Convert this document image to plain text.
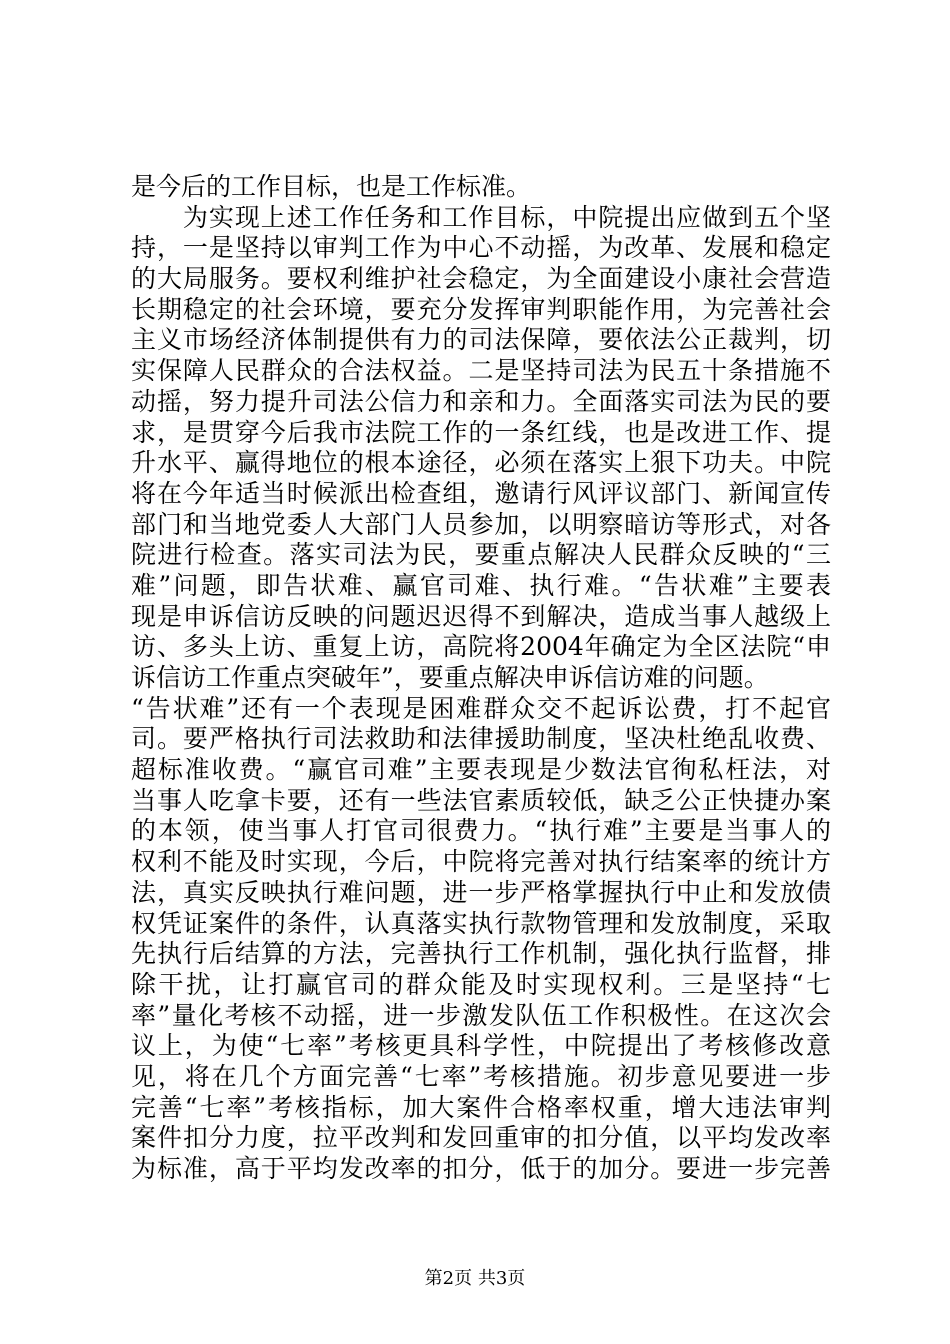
是今后的工作目标，也是工作标准。
　　为实现上述工作任务和工作目标，中院提出应做到五个坚
持，一是坚持以审判工作为中心不动摇，为改革、发展和稳定
的大局服务。要权利维护社会稳定，为全面建设小康社会营造
长期稳定的社会环境，要充分发挥审判职能作用，为完善社会
主义市场经济体制提供有力的司法保障，要依法公正裁判，切
实保障人民群众的合法权益。二是坚持司法为民五十条措施不
动摇，努力提升司法公信力和亲和力。全面落实司法为民的要
求，是贯穿今后我市法院工作的一条红线，也是改进工作、提
升水平、赢得地位的根本途径，必须在落实上狠下功夫。中院
将在今年适当时候派出检查组，邀请行风评议部门、新闻宣传
部门和当地党委人大部门人员参加，以明察暗访等形式，对各
院进行检查。落实司法为民，要重点解决人民群众反映的“三
难”问题，即告状难、赢官司难、执行难。“告状难”主要表
现是申诉信访反映的问题迟迟得不到解决，造成当事人越级上
访、多头上访、重复上访，高院将2004年确定为全区法院“申
诉信访工作重点突破年”，要重点解决申诉信访难的问题。
“告状难”还有一个表现是困难群众交不起诉讼费，打不起官
司。要严格执行司法救助和法律援助制度，坚决杜绝乱收费、
超标准收费。“赢官司难”主要表现是少数法官徇私枉法，对
当事人吃拿卡要，还有一些法官素质较低，缺乏公正快捷办案
的本领，使当事人打官司很费力。“执行难”主要是当事人的
权利不能及时实现，今后，中院将完善对执行结案率的统计方
法，真实反映执行难问题，进一步严格掌握执行中止和发放债
权凭证案件的条件，认真落实执行款物管理和发放制度，采取
先执行后结算的方法，完善执行工作机制，强化执行监督，排
除干扰，让打赢官司的群众能及时实现权利。三是坚持“七
率”量化考核不动摇，进一步激发队伍工作积极性。在这次会
议上，为使“七率”考核更具科学性，中院提出了考核修改意
见，将在几个方面完善“七率”考核措施。初步意见要进一步
完善“七率”考核指标，加大案件合格率权重，增大违法审判
案件扣分力度，拉平改判和发回重审的扣分值，以平均发改率
为标准，高于平均发改率的扣分，低于的加分。要进一步完善
第2页 共3页
